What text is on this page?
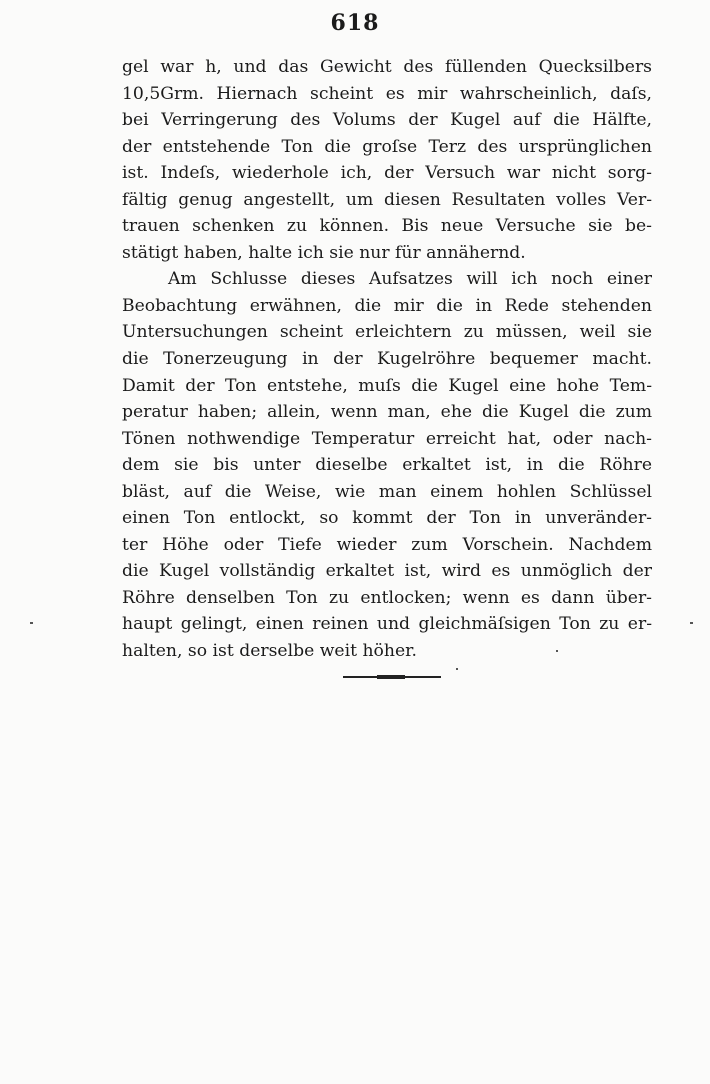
618
gel war h, und das Gewicht des füllenden Quecksilbers
10,5Grm. Hiernach scheint es mir wahrscheinlich, daſs,
bei Verringerung des Volums der Kugel auf die Hälfte,
der entstehende Ton die groſse Terz des ursprünglichen
ist. Indeſs, wiederhole ich, der Versuch war nicht sorg-
fältig genug angestellt, um diesen Resultaten volles Ver-
trauen schenken zu können. Bis neue Versuche sie be-
stätigt haben, halte ich sie nur für annähernd.
Am Schlusse dieses Aufsatzes will ich noch einer
Beobachtung erwähnen, die mir die in Rede stehenden
Untersuchungen scheint erleichtern zu müssen, weil sie
die Tonerzeugung in der Kugelröhre bequemer macht.
Damit der Ton entstehe, muſs die Kugel eine hohe Tem-
peratur haben; allein, wenn man, ehe die Kugel die zum
Tönen nothwendige Temperatur erreicht hat, oder nach-
dem sie bis unter dieselbe erkaltet ist, in die Röhre
bläst, auf die Weise, wie man einem hohlen Schlüssel
einen Ton entlockt, so kommt der Ton in unveränder-
ter Höhe oder Tiefe wieder zum Vorschein. Nachdem
die Kugel vollständig erkaltet ist, wird es unmöglich der
Röhre denselben Ton zu entlocken; wenn es dann über-
haupt gelingt, einen reinen und gleichmäſsigen Ton zu er-
halten, so ist derselbe weit höher.
